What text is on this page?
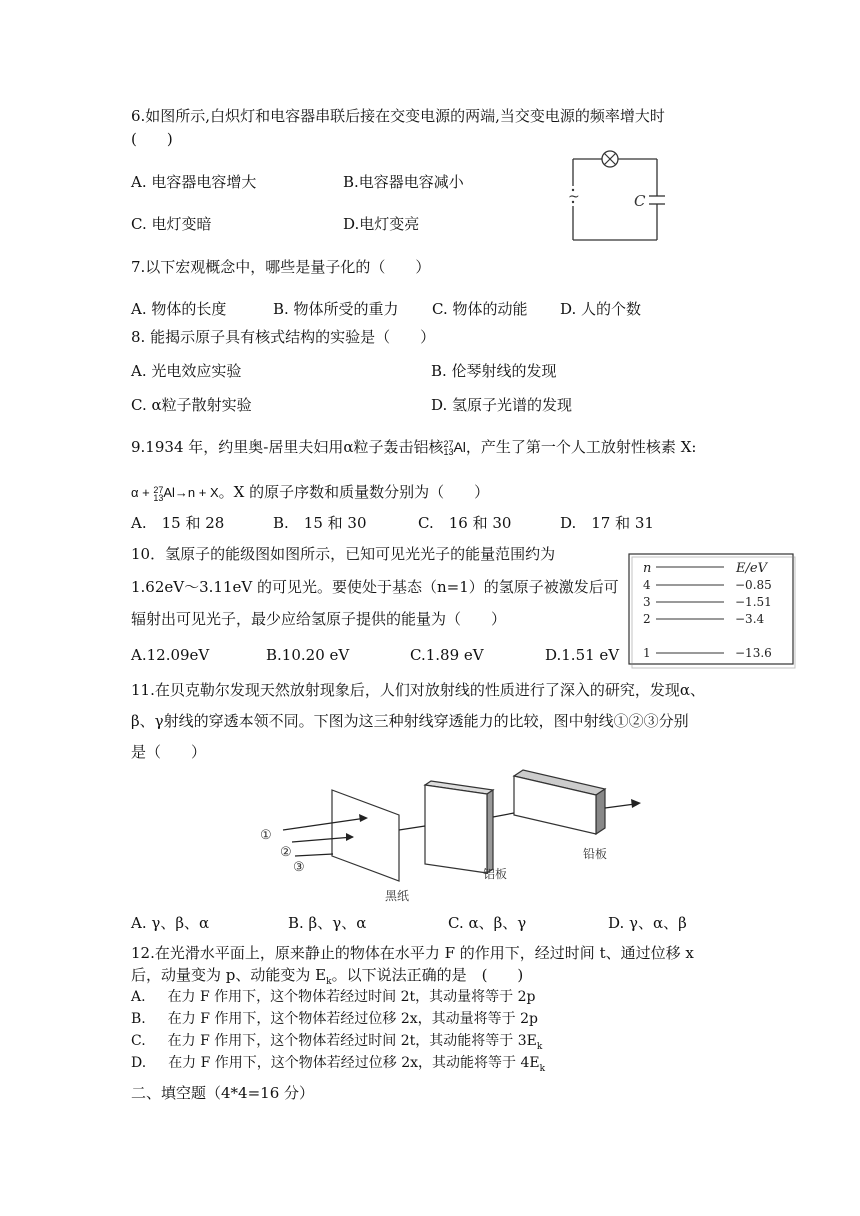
6.如图所示,白炽灯和电容器串联后接在交变电源的两端,当交变电源的频率增大时
(　　)
A. 电容器电容增大	B.电容器电容减小
C. 电灯变暗	D.电灯变亮
~	C
7.以下宏观概念中，哪些是量子化的（　　）
A. 物体的长度	B. 物体所受的重力 C. 物体的动能 D. 人的个数
8. 能揭示原子具有核式结构的实验是（　　）
A. 光电效应实验	B. 伦琴射线的发现
C. α粒子散射实验	D. 氢原子光谱的发现
9.1934 年，约里奥-居里夫妇用α粒子轰击铝核27
13Al，产生了第一个人工放射性核素 X:
α + 27
13Al→n + X。X 的原子序数和质量数分别为（　　）
A.　15 和 28	B.　15 和 30	C.　16 和 30	D.　17 和 31
10．氢原子的能级图如图所示，已知可见光光子的能量范围约为
1.62eV～3.11eV 的可见光。要使处于基态（n=1）的氢原子被激发后可
辐射出可见光子，最少应给氢原子提供的能量为（　　）
A.12.09eV	B.10.20 eV	C.1.89 eV	D.1.51 eV
n	E/eV
4	−0.85
3	−1.51
2	−3.4
1	−13.6
11.在贝克勒尔发现天然放射现象后，人们对放射线的性质进行了深入的研究，发现α、
β、γ射线的穿透本领不同。下图为这三种射线穿透能力的比较，图中射线①②③分别
是（　　）
①
②
③
黑纸
铝板
铅板
A. γ、β、α	B. β、γ、α	C. α、β、γ	D. γ、α、β
12.在光滑水平面上，原来静止的物体在水平力 F 的作用下，经过时间 t、通过位移 x
后，动量变为 p、动能变为 $E_k$。以下说法正确的是　(　　)
A. 在力 F 作用下，这个物体若经过时间 2t，其动量将等于 2p
B. 在力 F 作用下，这个物体若经过位移 2x，其动量将等于 2p
C. 在力 F 作用下，这个物体若经过时间 2t，其动能将等于 $3E_k$
D. 在力 F 作用下，这个物体若经过位移 2x，其动能将等于 $4E_k$
二、填空题（4*4=16 分）
